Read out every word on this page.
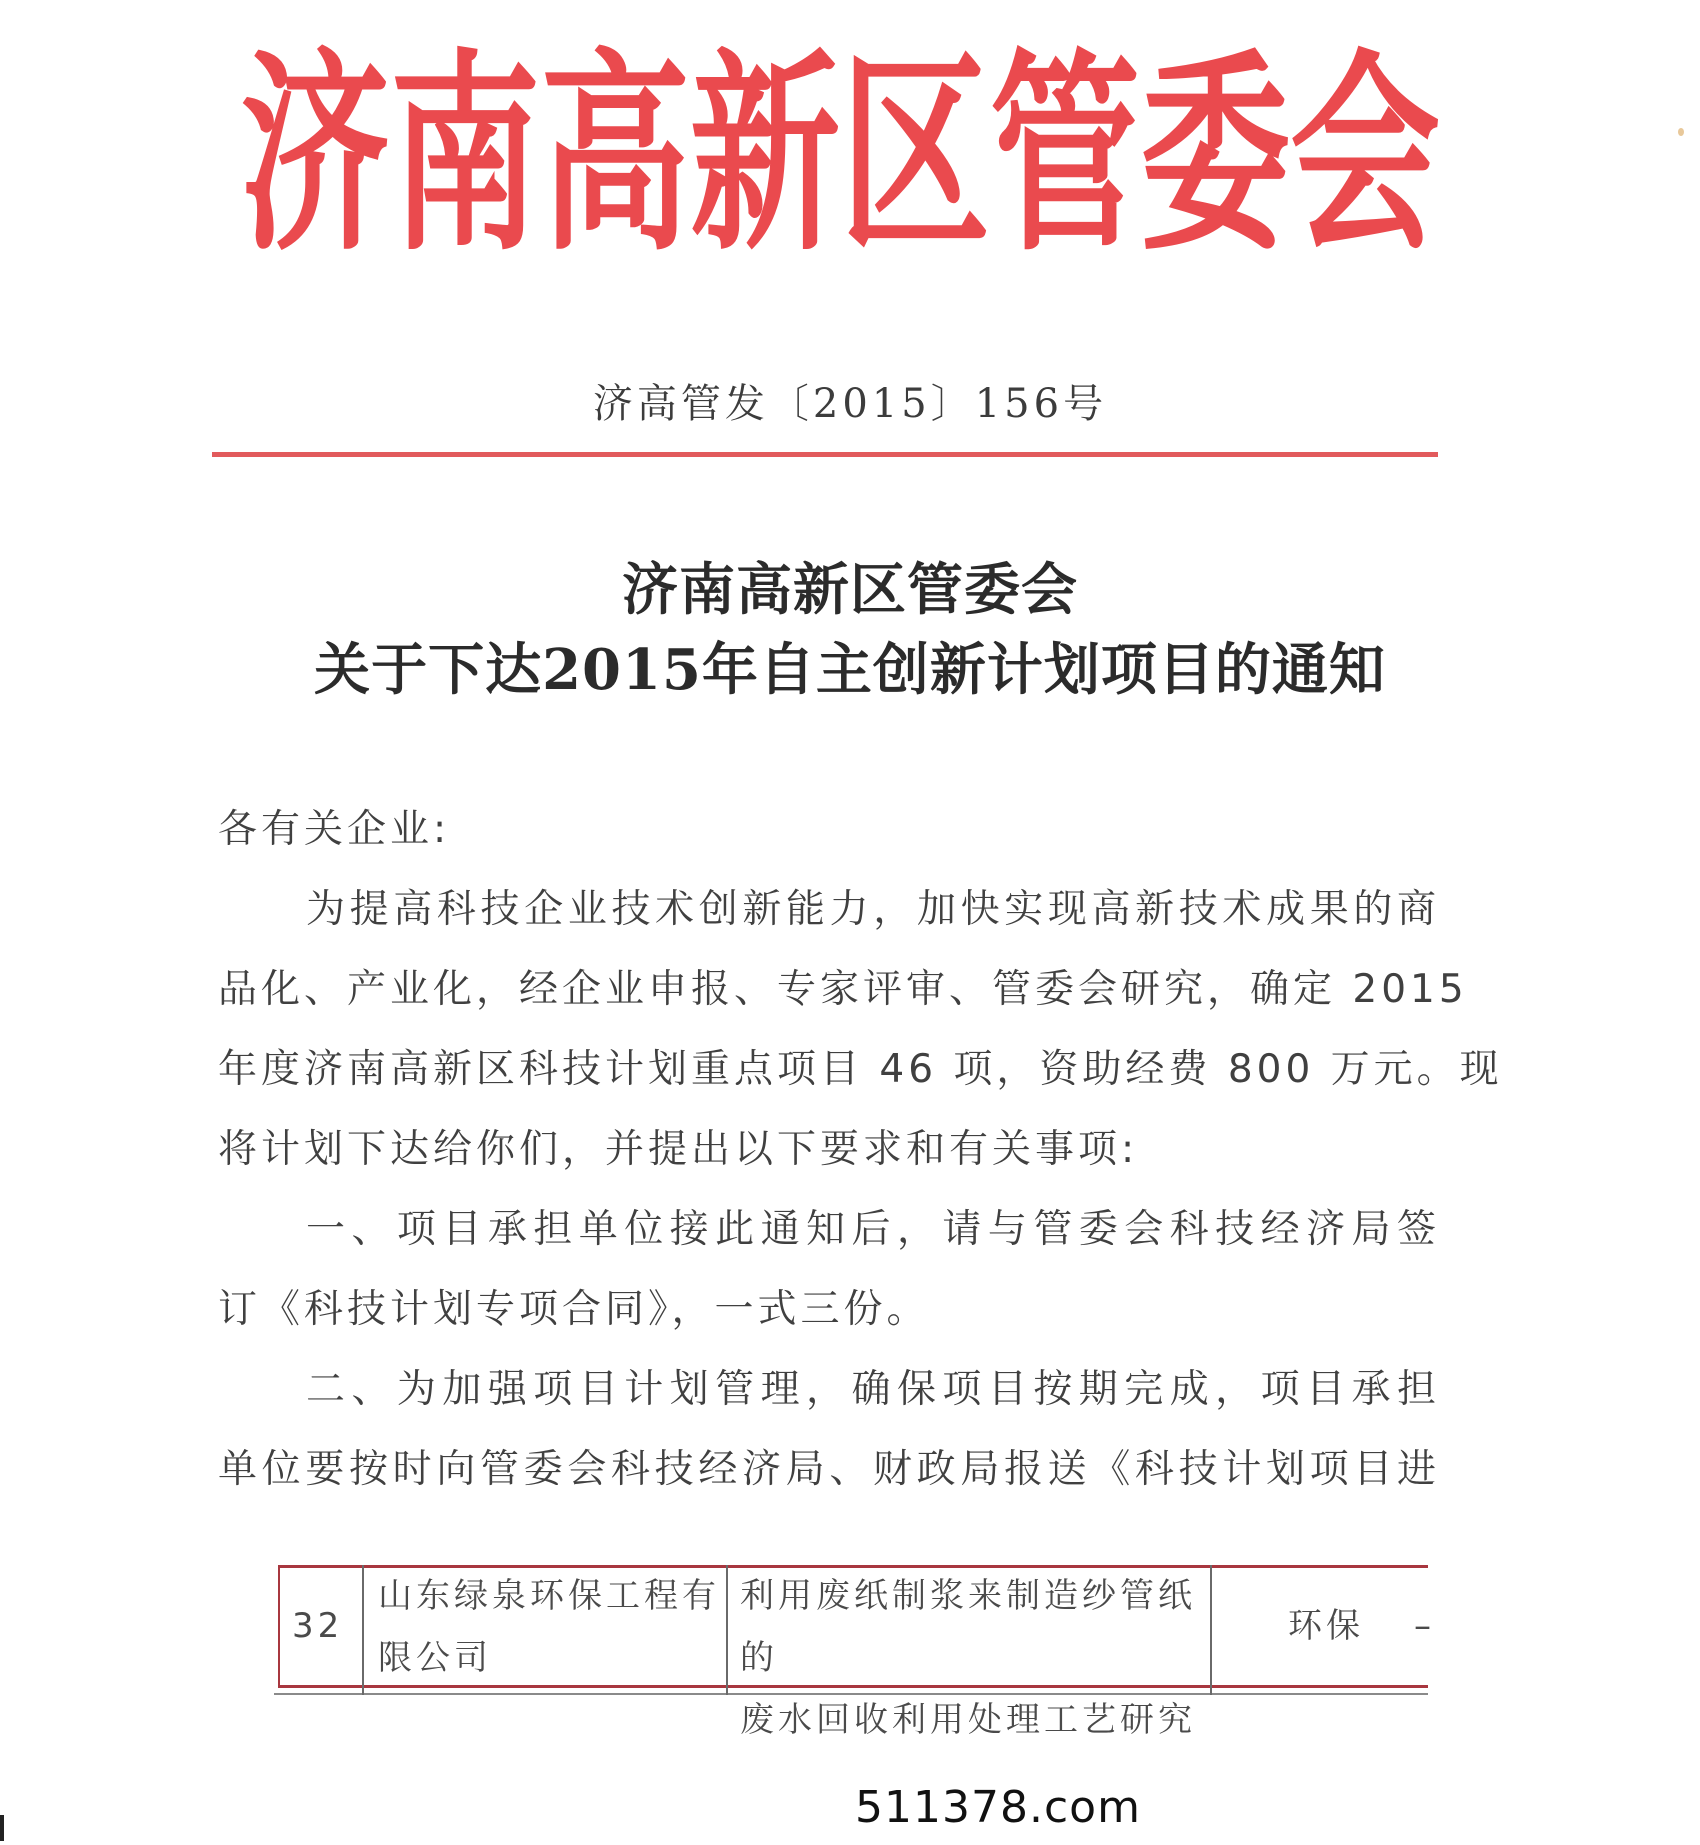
济 南 高 新 区 管 委 会
济高管发〔2015〕156号
济南高新区管委会
关于下达2015年自主创新计划项目的通知
各有关企业:
为提高科技企业技术创新能力，加快实现高新技术成果的商
品化、产业化，经企业申报、专家评审、管委会研究，确定 2015
年度济南高新区科技计划重点项目 46 项，资助经费 800 万元。现
将计划下达给你们，并提出以下要求和有关事项:
一、项目承担单位接此通知后，请与管委会科技经济局签
订《科技计划专项合同》，一式三份。
二、为加强项目计划管理，确保项目按期完成，项目承担
单位要按时向管委会科技经济局、财政局报送《科技计划项目进
32
山东绿泉环保工程有
限公司
利用废纸制浆来制造纱管纸的
废水回收利用处理工艺研究
环保	–
511378.com
